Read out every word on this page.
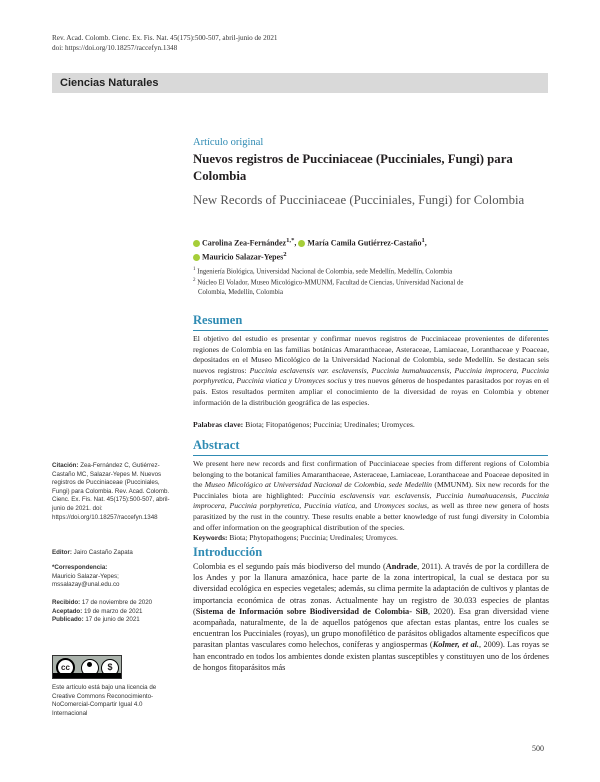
Rev. Acad. Colomb. Cienc. Ex. Fis. Nat. 45(175):500-507, abril-junio de 2021
doi: https://doi.org/10.18257/raccefyn.1348
Ciencias Naturales
Artículo original
Nuevos registros de Pucciniaceae (Pucciniales, Fungi) para Colombia
New Records of Pucciniaceae (Pucciniales, Fungi) for Colombia
Carolina Zea-Fernández$^{1,*}$, María Camila Gutiérrez-Castaño$^1$,
Mauricio Salazar-Yepes$^2$
$^1$ Ingeniería Biológica, Universidad Nacional de Colombia, sede Medellín, Medellín, Colombia
$^2$ Núcleo El Volador, Museo Micológico-MMUNM, Facultad de Ciencias, Universidad Nacional de
Colombia, Medellín, Colombia
Resumen
El objetivo del estudio es presentar y confirmar nuevos registros de Pucciniaceae provenientes de diferentes regiones de Colombia en las familias botánicas Amaranthaceae, Asteraceae, Lamiaceae, Loranthaceae y Poaceae, depositados en el Museo Micológico de la Universidad Nacional de Colombia, sede Medellín. Se destacan seis nuevos registros: Puccinia esclavensis var. esclavensis, Puccinia humahuacensis, Puccinia improcera, Puccinia porphyretica, Puccinia viatica y Uromyces socius y tres nuevos géneros de hospedantes parasitados por royas en el país. Estos resultados permiten ampliar el conocimiento de la diversidad de royas en Colombia y obtener información de la distribución geográfica de las especies.
Palabras clave: Biota; Fitopatógenos; Puccinia; Uredinales; Uromyces.
Abstract
We present here new records and first confirmation of Pucciniaceae species from different regions of Colombia belonging to the botanical families Amaranthaceae, Asteraceae, Lamiaceae, Loranthaceae and Poaceae deposited in the Museo Micológico at Universidad Nacional de Colombia, sede Medellín (MMUNM). Six new records for the Pucciniales biota are highlighted: Puccinia esclavensis var. esclavensis, Puccinia humahuacensis, Puccinia improcera, Puccinia porphyretica, Puccinia viatica, and Uromyces socius, as well as three new genera of hosts parasitized by the rust in the country. These results enable a better knowledge of rust fungi diversity in Colombia and offer information on the geographical distribution of the species.
Keywords: Biota; Phytopathogens; Puccinia; Uredinales; Uromyces.
Citación: Zea-Fernández C, Gutiérrez-Castaño MC, Salazar-Yepes M. Nuevos registros de Pucciniaceae (Pucciniales, Fungi) para Colombia. Rev. Acad. Colomb. Cienc. Ex. Fis. Nat. 45(175):500-507, abril-junio de 2021. doi: https://doi.org/10.18257/raccefyn.1348
Editor: Jairo Castaño Zapata
*Correspondencia:
Mauricio Salazar-Yepes;
mssalazay@unal.edu.co
Recibido: 17 de noviembre de 2020
Aceptado: 19 de marzo de 2021
Publicado: 17 de junio de 2021
cc	$
Este artículo está bajo una licencia de Creative Commons Reconocimiento-NoComercial-Compartir Igual 4.0 Internacional
Introducción
Colombia es el segundo país más biodiverso del mundo (Andrade, 2011). A través de por la cordillera de los Andes y por la llanura amazónica, hace parte de la zona intertropical, la cual se destaca por su diversidad ecológica en especies vegetales; además, su clima permite la adaptación de cultivos y plantas de importancia económica de otras zonas. Actualmente hay un registro de 30.033 especies de plantas (Sistema de Información sobre Biodiversidad de Colombia- SiB, 2020). Esa gran diversidad viene acompañada, naturalmente, de la de aquellos patógenos que afectan estas plantas, entre los cuales se encuentran los Pucciniales (royas), un grupo monofilético de parásitos obligados altamente específicos que parasitan plantas vasculares como helechos, coníferas y angiospermas (Kolmer, et al., 2009). Las royas se han encontrado en todos los ambientes donde existen plantas susceptibles y constituyen uno de los órdenes de hongos fitoparásitos más
500
